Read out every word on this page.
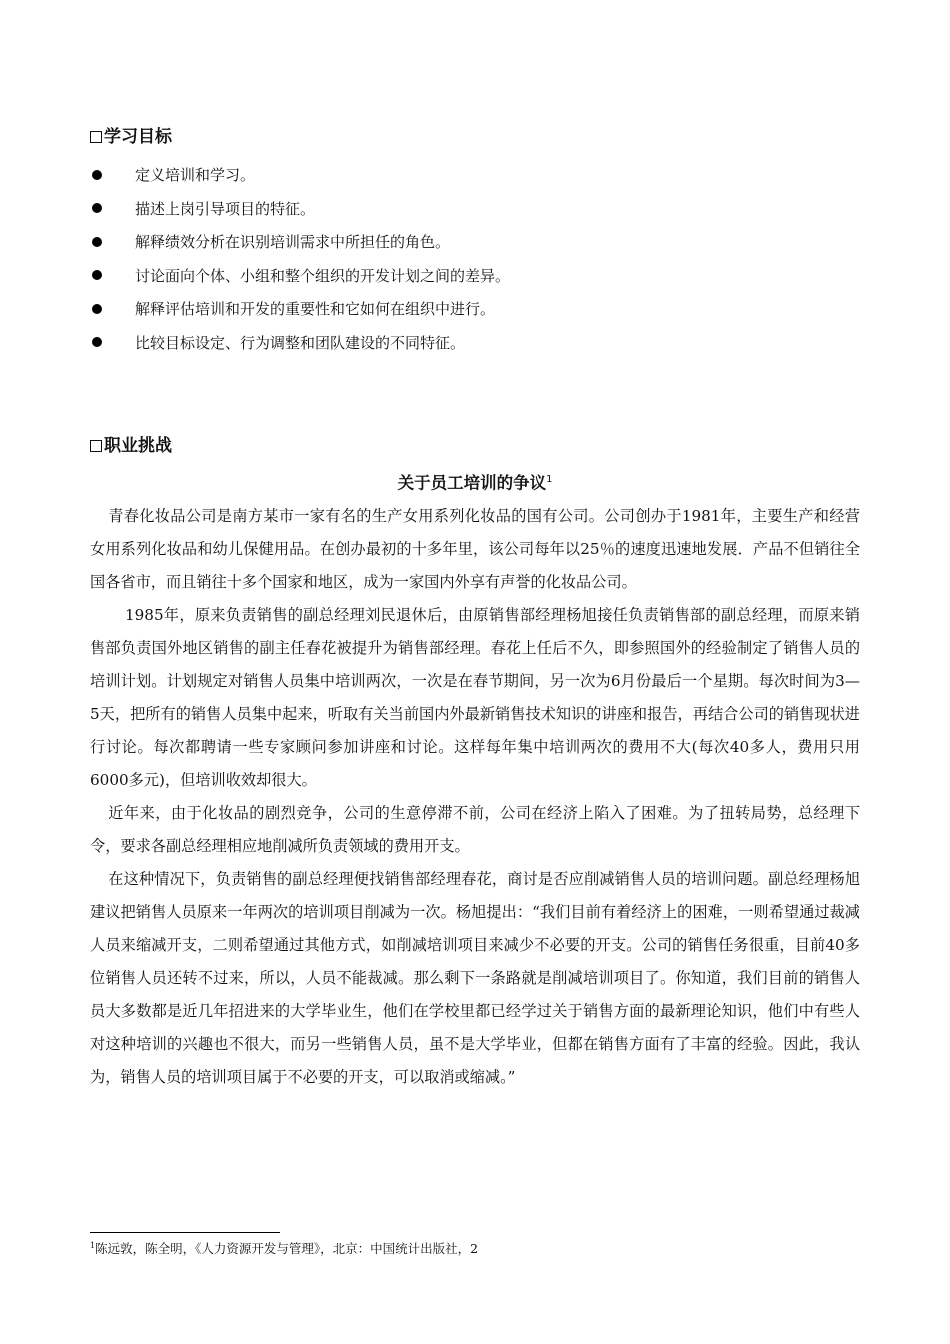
学习目标
定义培训和学习。
描述上岗引导项目的特征。
解释绩效分析在识别培训需求中所担任的角色。
讨论面向个体、小组和整个组织的开发计划之间的差异。
解释评估培训和开发的重要性和它如何在组织中进行。
比较目标设定、行为调整和团队建设的不同特征。
职业挑战
关于员工培训的争议$^1$

青春化妆品公司是南方某市一家有名的生产女用系列化妆品的国有公司。公司创办于1981年，主要生产和经营女用系列化妆品和幼儿保健用品。在创办最初的十多年里，该公司每年以25％的速度迅速地发展．产品不但销往全国各省市，而且销往十多个国家和地区，成为一家国内外享有声誉的化妆品公司。

1985年，原来负责销售的副总经理刘民退休后，由原销售部经理杨旭接任负责销售部的副总经理，而原来销售部负责国外地区销售的副主任春花被提升为销售部经理。春花上任后不久，即参照国外的经验制定了销售人员的培训计划。计划规定对销售人员集中培训两次，一次是在春节期间，另一次为6月份最后一个星期。每次时间为3—5天，把所有的销售人员集中起来，听取有关当前国内外最新销售技术知识的讲座和报告，再结合公司的销售现状进行讨论。每次都聘请一些专家顾问参加讲座和讨论。这样每年集中培训两次的费用不大(每次40多人，费用只用6000多元)，但培训收效却很大。

近年来，由于化妆品的剧烈竞争，公司的生意停滞不前，公司在经济上陷入了困难。为了扭转局势，总经理下令，要求各副总经理相应地削减所负责领域的费用开支。

在这种情况下，负责销售的副总经理便找销售部经理春花，商讨是否应削减销售人员的培训问题。副总经理杨旭建议把销售人员原来一年两次的培训项目削减为一次。杨旭提出：“我们目前有着经济上的困难，一则希望通过裁减人员来缩减开支，二则希望通过其他方式，如削减培训项目来减少不必要的开支。公司的销售任务很重，目前40多位销售人员还转不过来，所以，人员不能裁减。那么剩下一条路就是削减培训项目了。你知道，我们目前的销售人员大多数都是近几年招进来的大学毕业生，他们在学校里都已经学过关于销售方面的最新理论知识，他们中有些人对这种培训的兴趣也不很大，而另一些销售人员，虽不是大学毕业，但都在销售方面有了丰富的经验。因此，我认为，销售人员的培训项目属于不必要的开支，可以取消或缩减。”

$^1$陈远敦，陈全明，《人力资源开发与管理》，北京：中国统计出版社，2
